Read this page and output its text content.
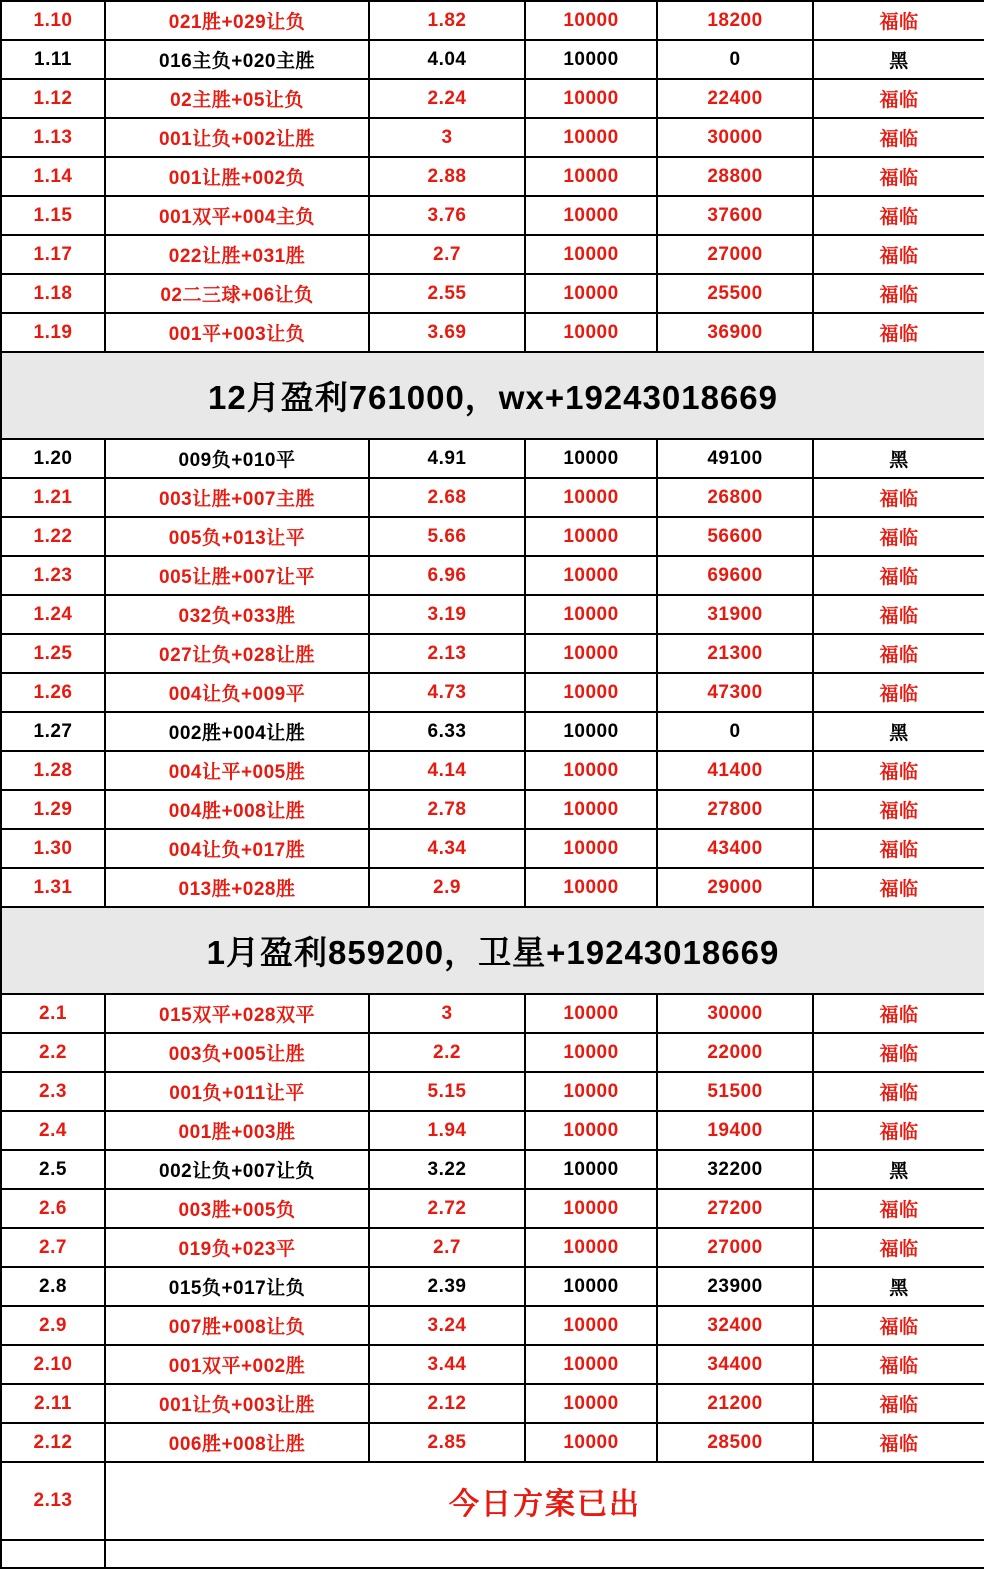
1.10	021胜+029让负	1.82	10000	18200	福临
1.11	016主负+020主胜	4.04	10000	0	黑
1.12	02主胜+05让负	2.24	10000	22400	福临
1.13	001让负+002让胜	3	10000	30000	福临
1.14	001让胜+002负	2.88	10000	28800	福临
1.15	001双平+004主负	3.76	10000	37600	福临
1.17	022让胜+031胜	2.7	10000	27000	福临
1.18	02二三球+06让负	2.55	10000	25500	福临
1.19	001平+003让负	3.69	10000	36900	福临
12月盈利761000，wx+19243018669					
1.20	009负+010平	4.91	10000	49100	黑
1.21	003让胜+007主胜	2.68	10000	26800	福临
1.22	005负+013让平	5.66	10000	56600	福临
1.23	005让胜+007让平	6.96	10000	69600	福临
1.24	032负+033胜	3.19	10000	31900	福临
1.25	027让负+028让胜	2.13	10000	21300	福临
1.26	004让负+009平	4.73	10000	47300	福临
1.27	002胜+004让胜	6.33	10000	0	黑
1.28	004让平+005胜	4.14	10000	41400	福临
1.29	004胜+008让胜	2.78	10000	27800	福临
1.30	004让负+017胜	4.34	10000	43400	福临
1.31	013胜+028胜	2.9	10000	29000	福临
1月盈利859200，卫星+19243018669					
2.1	015双平+028双平	3	10000	30000	福临
2.2	003负+005让胜	2.2	10000	22000	福临
2.3	001负+011让平	5.15	10000	51500	福临
2.4	001胜+003胜	1.94	10000	19400	福临
2.5	002让负+007让负	3.22	10000	32200	黑
2.6	003胜+005负	2.72	10000	27200	福临
2.7	019负+023平	2.7	10000	27000	福临
2.8	015负+017让负	2.39	10000	23900	黑
2.9	007胜+008让负	3.24	10000	32400	福临
2.10	001双平+002胜	3.44	10000	34400	福临
2.11	001让负+003让胜	2.12	10000	21200	福临
2.12	006胜+008让胜	2.85	10000	28500	福临
2.13	今日方案已出				
